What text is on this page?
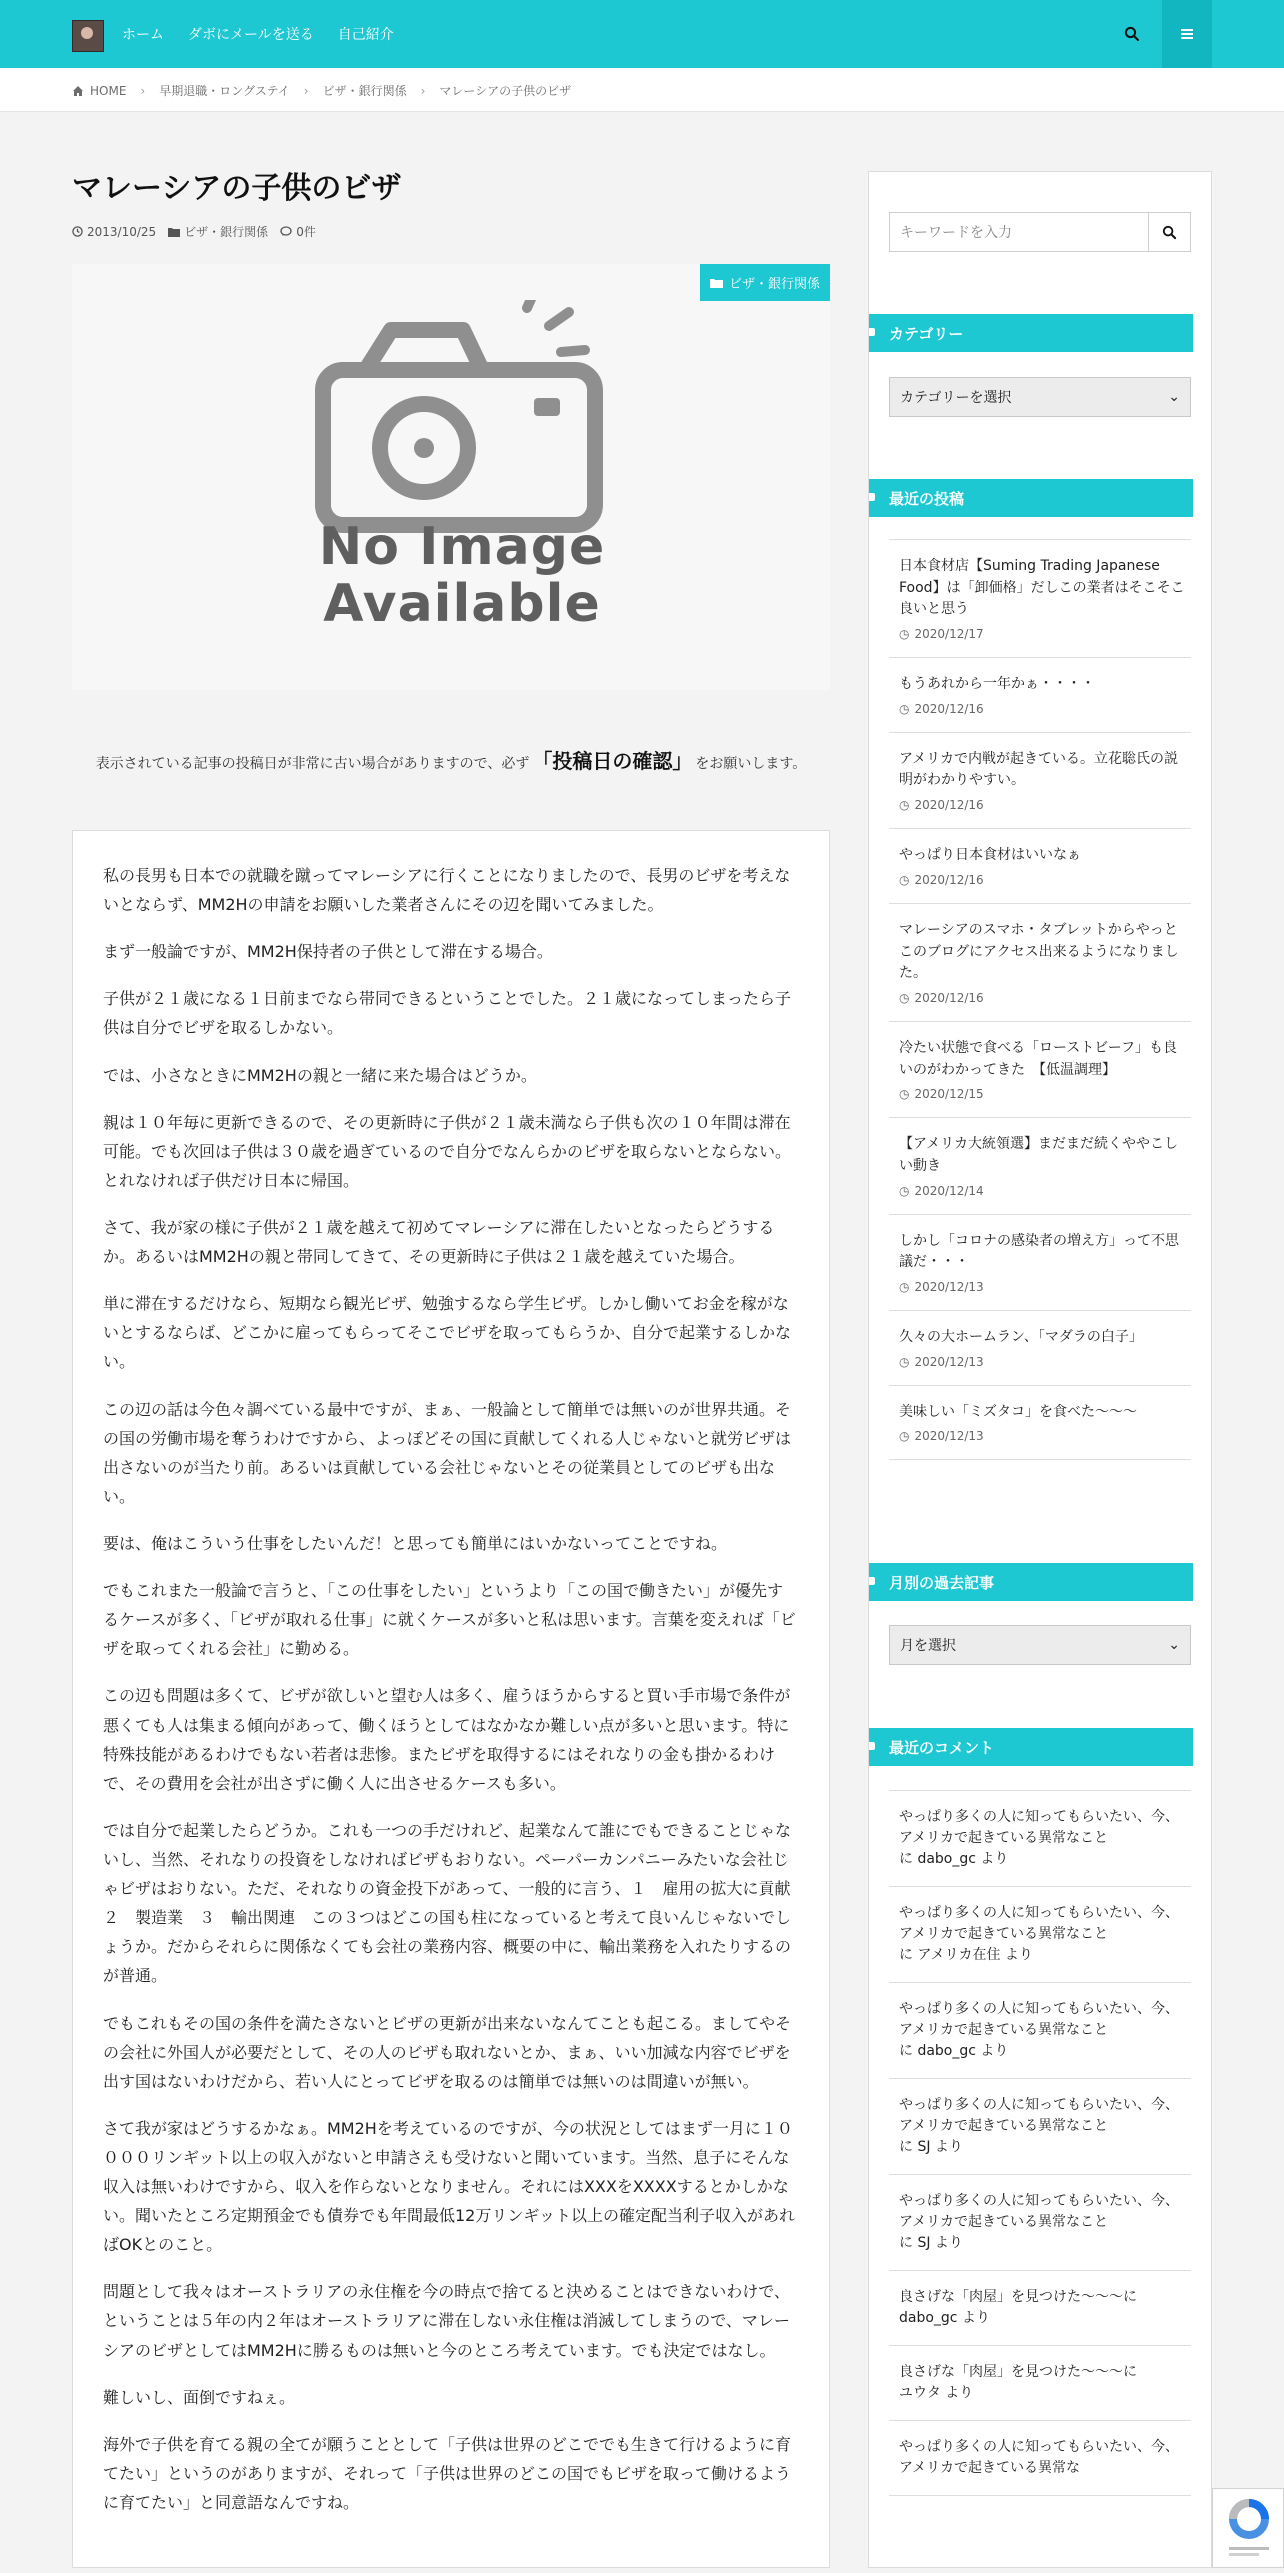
ホーム ダボにメールを送る 自己紹介
HOME › 早期退職・ロングステイ › ビザ・銀行関係 › マレーシアの子供のビザ
マレーシアの子供のビザ
2013/10/25 ビザ・銀行関係 0件
No Image
Available
ビザ・銀行関係
表示されている記事の投稿日が非常に古い場合がありますので、必ず 「投稿日の確認」 をお願いします。

私の長男も日本での就職を蹴ってマレーシアに行くことになりましたので、長男のビザを考えないとならず、MM2Hの申請をお願いした業者さんにその辺を聞いてみました。

まず一般論ですが、MM2H保持者の子供として滞在する場合。

子供が２１歳になる１日前までなら帯同できるということでした。２１歳になってしまったら子供は自分でビザを取るしかない。

では、小さなときにMM2Hの親と一緒に来た場合はどうか。

親は１０年毎に更新できるので、その更新時に子供が２１歳未満なら子供も次の１０年間は滞在可能。でも次回は子供は３０歳を過ぎているので自分でなんらかのビザを取らないとならない。とれなければ子供だけ日本に帰国。

さて、我が家の様に子供が２１歳を越えて初めてマレーシアに滞在したいとなったらどうするか。あるいはMM2Hの親と帯同してきて、その更新時に子供は２１歳を越えていた場合。

単に滞在するだけなら、短期なら観光ビザ、勉強するなら学生ビザ。しかし働いてお金を稼がないとするならば、どこかに雇ってもらってそこでビザを取ってもらうか、自分で起業するしかない。

この辺の話は今色々調べている最中ですが、まぁ、一般論として簡単では無いのが世界共通。その国の労働市場を奪うわけですから、よっぽどその国に貢献してくれる人じゃないと就労ビザは出さないのが当たり前。あるいは貢献している会社じゃないとその従業員としてのビザも出ない。

要は、俺はこういう仕事をしたいんだ！と思っても簡単にはいかないってことですね。

でもこれまた一般論で言うと、「この仕事をしたい」というより「この国で働きたい」が優先するケースが多く、「ビザが取れる仕事」に就くケースが多いと私は思います。言葉を変えれば「ビザを取ってくれる会社」に勤める。

この辺も問題は多くて、ビザが欲しいと望む人は多く、雇うほうからすると買い手市場で条件が悪くても人は集まる傾向があって、働くほうとしてはなかなか難しい点が多いと思います。特に特殊技能があるわけでもない若者は悲惨。またビザを取得するにはそれなりの金も掛かるわけで、その費用を会社が出さずに働く人に出させるケースも多い。

では自分で起業したらどうか。これも一つの手だけれど、起業なんて誰にでもできることじゃないし、当然、それなりの投資をしなければビザもおりない。ペーパーカンパニーみたいな会社じゃビザはおりない。ただ、それなりの資金投下があって、一般的に言う、１　雇用の拡大に貢献　２　製造業　３　輸出関連　この３つはどこの国も柱になっていると考えて良いんじゃないでしょうか。だからそれらに関係なくても会社の業務内容、概要の中に、輸出業務を入れたりするのが普通。

でもこれもその国の条件を満たさないとビザの更新が出来ないなんてことも起こる。ましてやその会社に外国人が必要だとして、その人のビザも取れないとか、まぁ、いい加減な内容でビザを出す国はないわけだから、若い人にとってビザを取るのは簡単では無いのは間違いが無い。

さて我が家はどうするかなぁ。MM2Hを考えているのですが、今の状況としてはまず一月に１００００リンギット以上の収入がないと申請さえも受けないと聞いています。当然、息子にそんな収入は無いわけですから、収入を作らないとなりません。それにはXXXをXXXXするとかしかない。聞いたところ定期預金でも債券でも年間最低12万リンギット以上の確定配当利子収入があればOKとのこと。

問題として我々はオーストラリアの永住権を今の時点で捨てると決めることはできないわけで、ということは５年の内２年はオーストラリアに滞在しない永住権は消滅してしまうので、マレーシアのビザとしてはMM2Hに勝るものは無いと今のところ考えています。でも決定ではなし。

難しいし、面倒ですねぇ。

海外で子供を育てる親の全てが願うこととして「子供は世界のどこででも生きて行けるように育てたい」というのがありますが、それって「子供は世界のどこの国でもビザを取って働けるように育てたい」と同意語なんですね。

キーワードを入力
カテゴリー
カテゴリーを選択	⌄
最近の投稿
日本食材店【Suming Trading Japanese Food】は「卸価格」だしこの業者はそこそこ良いと思う
◷ 2020/12/17
もうあれから一年かぁ・・・・
◷ 2020/12/16
アメリカで内戦が起きている。立花聡氏の説明がわかりやすい。
◷ 2020/12/16
やっぱり日本食材はいいなぁ
◷ 2020/12/16
マレーシアのスマホ・タブレットからやっとこのブログにアクセス出来るようになりました。
◷ 2020/12/16
冷たい状態で食べる「ローストビーフ」も良いのがわかってきた　【低温調理】
◷ 2020/12/15
【アメリカ大統領選】まだまだ続くややこしい動き
◷ 2020/12/14
しかし「コロナの感染者の増え方」って不思議だ・・・
◷ 2020/12/13
久々の大ホームラン、「マダラの白子」
◷ 2020/12/13
美味しい「ミズタコ」を食べた～～～
◷ 2020/12/13
月別の過去記事
月を選択	⌄
最近のコメント
やっぱり多くの人に知ってもらいたい、今、アメリカで起きている異常なこと
に dabo_gc より
やっぱり多くの人に知ってもらいたい、今、アメリカで起きている異常なこと
に アメリカ在住 より
やっぱり多くの人に知ってもらいたい、今、アメリカで起きている異常なこと
に dabo_gc より
やっぱり多くの人に知ってもらいたい、今、アメリカで起きている異常なこと
に SJ より
やっぱり多くの人に知ってもらいたい、今、アメリカで起きている異常なこと
に SJ より
良さげな「肉屋」を見つけた～～～に
dabo_gc より
良さげな「肉屋」を見つけた～～～に
ユウタ より
やっぱり多くの人に知ってもらいたい、今、アメリカで起きている異常な
